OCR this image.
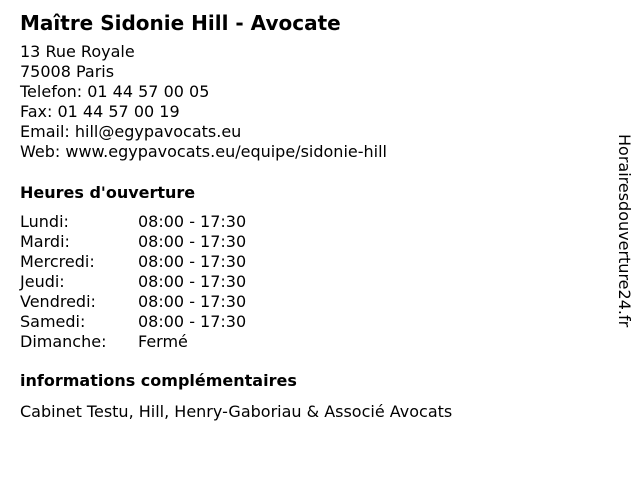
Maître Sidonie Hill - Avocate
13 Rue Royale
75008 Paris
Telefon: 01 44 57 00 05
Fax: 01 44 57 00 19
Email: hill@egypavocats.eu
Web: www.egypavocats.eu/equipe/sidonie-hill
Heures d'ouverture
Lundi:	08:00 - 17:30
Mardi:	08:00 - 17:30
Mercredi:	08:00 - 17:30
Jeudi:	08:00 - 17:30
Vendredi:	08:00 - 17:30
Samedi:	08:00 - 17:30
Dimanche:	Fermé
informations complémentaires
Cabinet Testu, Hill, Henry-Gaboriau & Associé Avocats
Horairesdouverture24.fr
